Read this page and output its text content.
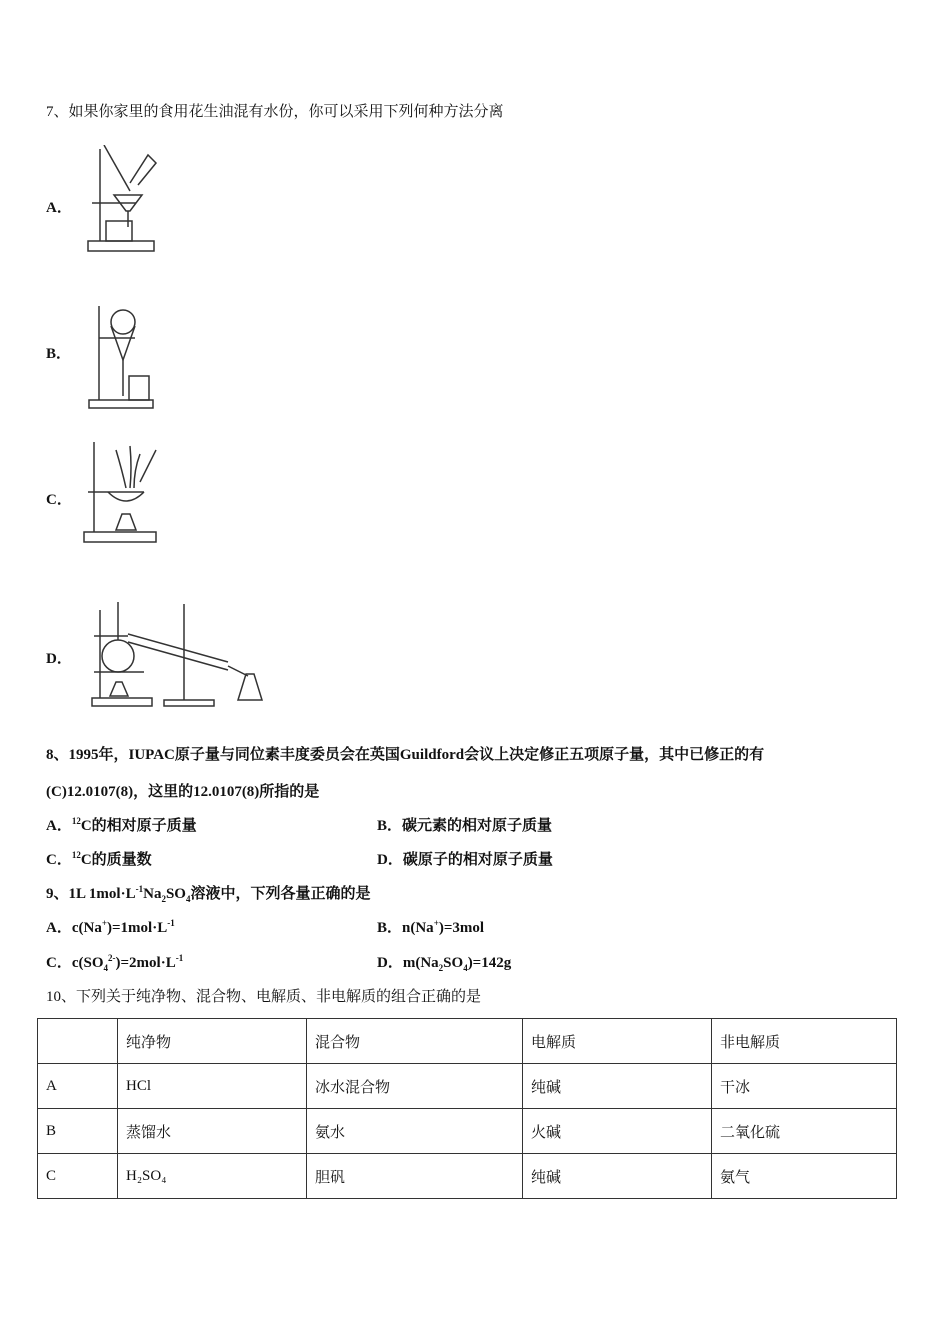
7、如果你家里的食用花生油混有水份，你可以采用下列何种方法分离
A．
B．
C．
D．
8、1995年，IUPAC原子量与同位素丰度委员会在英国Guildford会议上决定修正五项原子量，其中已修正的有
(C)12.0107(8)，这里的12.0107(8)所指的是
A．$^{12}$C的相对原子质量	B．碳元素的相对原子质量
C．$^{12}$C的质量数	D．碳原子的相对原子质量
9、1L $1mol\cdot L^{-1}Na_2SO_4$溶液中，下列各量正确的是
A．$c(Na^+)=1mol\cdot L^{-1}$	B．n(Na+)=3mol
C．$c(SO_4^{2-})=2mol\cdot L^{-1}$	D．$m(Na_2SO_4)=142g$
10、下列关于纯净物、混合物、电解质、非电解质的组合正确的是
	纯净物	混合物	电解质	非电解质
A	HCl	冰水混合物	纯碱	干冰
B	蒸馏水	氨水	火碱	二氧化硫
C	H₂SO₄	胆矾	纯碱	氨气
